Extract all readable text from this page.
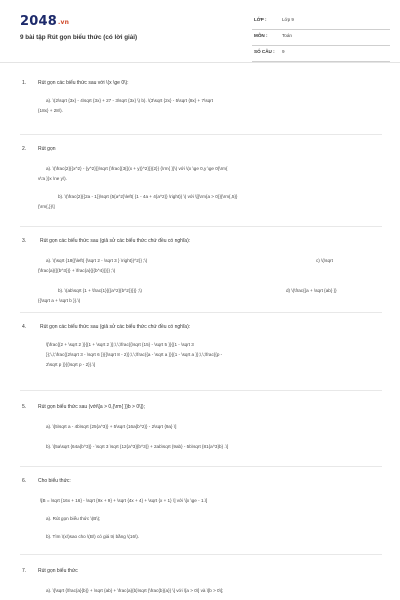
2048.vn
9 bài tập Rút gọn biểu thức (có lời giải)
LỚP :	Lớp 9
MÔN :	Toán
SỐ CÂU : 9
1. Rút gọn các biểu thức sau với \(x \ge 0\):
a). \(2\sqrt {3x} - 4\sqrt {3x} + 27 - 3\sqrt {3x} \) b). \(3\sqrt {2x} - 5\sqrt {8x} + 7\sqrt
{18x} + 28\).
2. Rút gọn
a). \(\frac{2}{{x^2} - {y^2}}}\sqrt {\frac{{3{{(x + y)}^2}}}{2}} {\rm{ }}\) với \(x \ge 0,y \ge 0{\rm{
v\'a }}x \ne y\).
b). \(\frac{2}{{2a - 1}}\sqrt {5{a^2}\left( {1 - 4a + 4{a^2}} \right)} \) với \[{\rm{a > 0}}{\rm{,5}}
{\rm{,}}\]
3.	Rút gọn các biểu thức sau (giả sử các biểu thức chứ đều có nghĩa):
a). \(\sqrt {18{{\left( {\sqrt 2 - \sqrt 3 } \right)}^2}} ;\)	c) \(\sqrt
{\frac{a}{{{b^3}}} + \frac{a}{{{b^4}}}}} ;\)
b). \(ab\sqrt {1 + \frac{1}{{{a^2}{b^2}}}}} ;\)	d) \(\frac{{a + \sqrt {ab} }}
{{\sqrt a + \sqrt b }}.\)
4.	Rút gọn các biểu thức sau (giả sử các biểu thức chứ đều có nghĩa):
\[\frac{{2 + \sqrt 2 }}{{1 + \sqrt 2 }};\,\;\frac{{\sqrt {15} - \sqrt 5 }}{{1 - \sqrt 3
}};\,\;\frac{{2\sqrt 3 - \sqrt 6 }}{{\sqrt 8 - 2}};\,\;\frac{{a - \sqrt a }}{{1 - \sqrt a }};\,\;\frac{{p -
2\sqrt p }}{{\sqrt p - 2}}.\]
5. Rút gọn biểu thức sau (với\[a > 0,{\rm{ }}b > 0\]);
a). \[5\sqrt a - 4b\sqrt {25{a^3}} + 5\sqrt {16a{b^2}} - 2\sqrt {9a} \]
b). \[5a\sqrt {64a{b^3}} - \sqrt 3 \sqrt {12{a^3}{b^3}} + 2ab\sqrt {9ab} - 5b\sqrt {81{a^3}b} .\]
6. Cho biểu thức:
\[B = \sqrt {16x + 16} - \sqrt {9x + 9} + \sqrt {4x + 4} + \sqrt {x + 1} \] với \[x \ge - 1.\]
a). Rút gọn biểu thức \(B\);
b). Tìm \(x\)sao cho \(B\) có giá trị bằng \(16\).
7. Rút gọn biểu thức
a). \[\sqrt {\frac{a}{b}} + \sqrt {ab} + \frac{a}{b}\sqrt {\frac{b}{a}} \] với \[a > 0\] và \[b > 0\];
